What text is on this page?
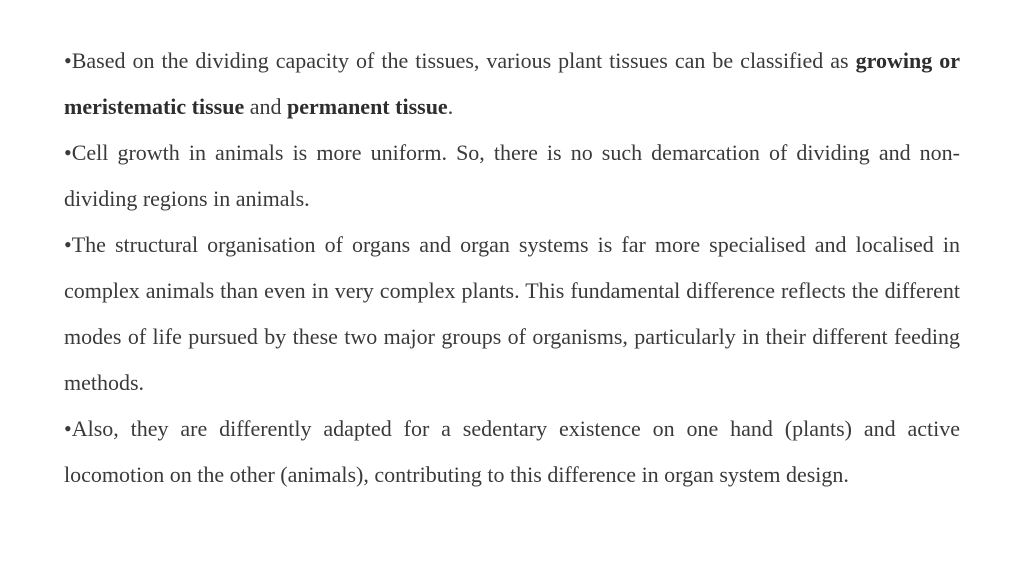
•Based on the dividing capacity of the tissues, various plant tissues can be classified as growing or meristematic tissue and permanent tissue.

•Cell growth in animals is more uniform. So, there is no such demarcation of dividing and non-dividing regions in animals.

•The structural organisation of organs and organ systems is far more specialised and localised in complex animals than even in very complex plants. This fundamental difference reflects the different modes of life pursued by these two major groups of organisms, particularly in their different feeding methods.

•Also, they are differently adapted for a sedentary existence on one hand (plants) and active locomotion on the other (animals), contributing to this difference in organ system design.
